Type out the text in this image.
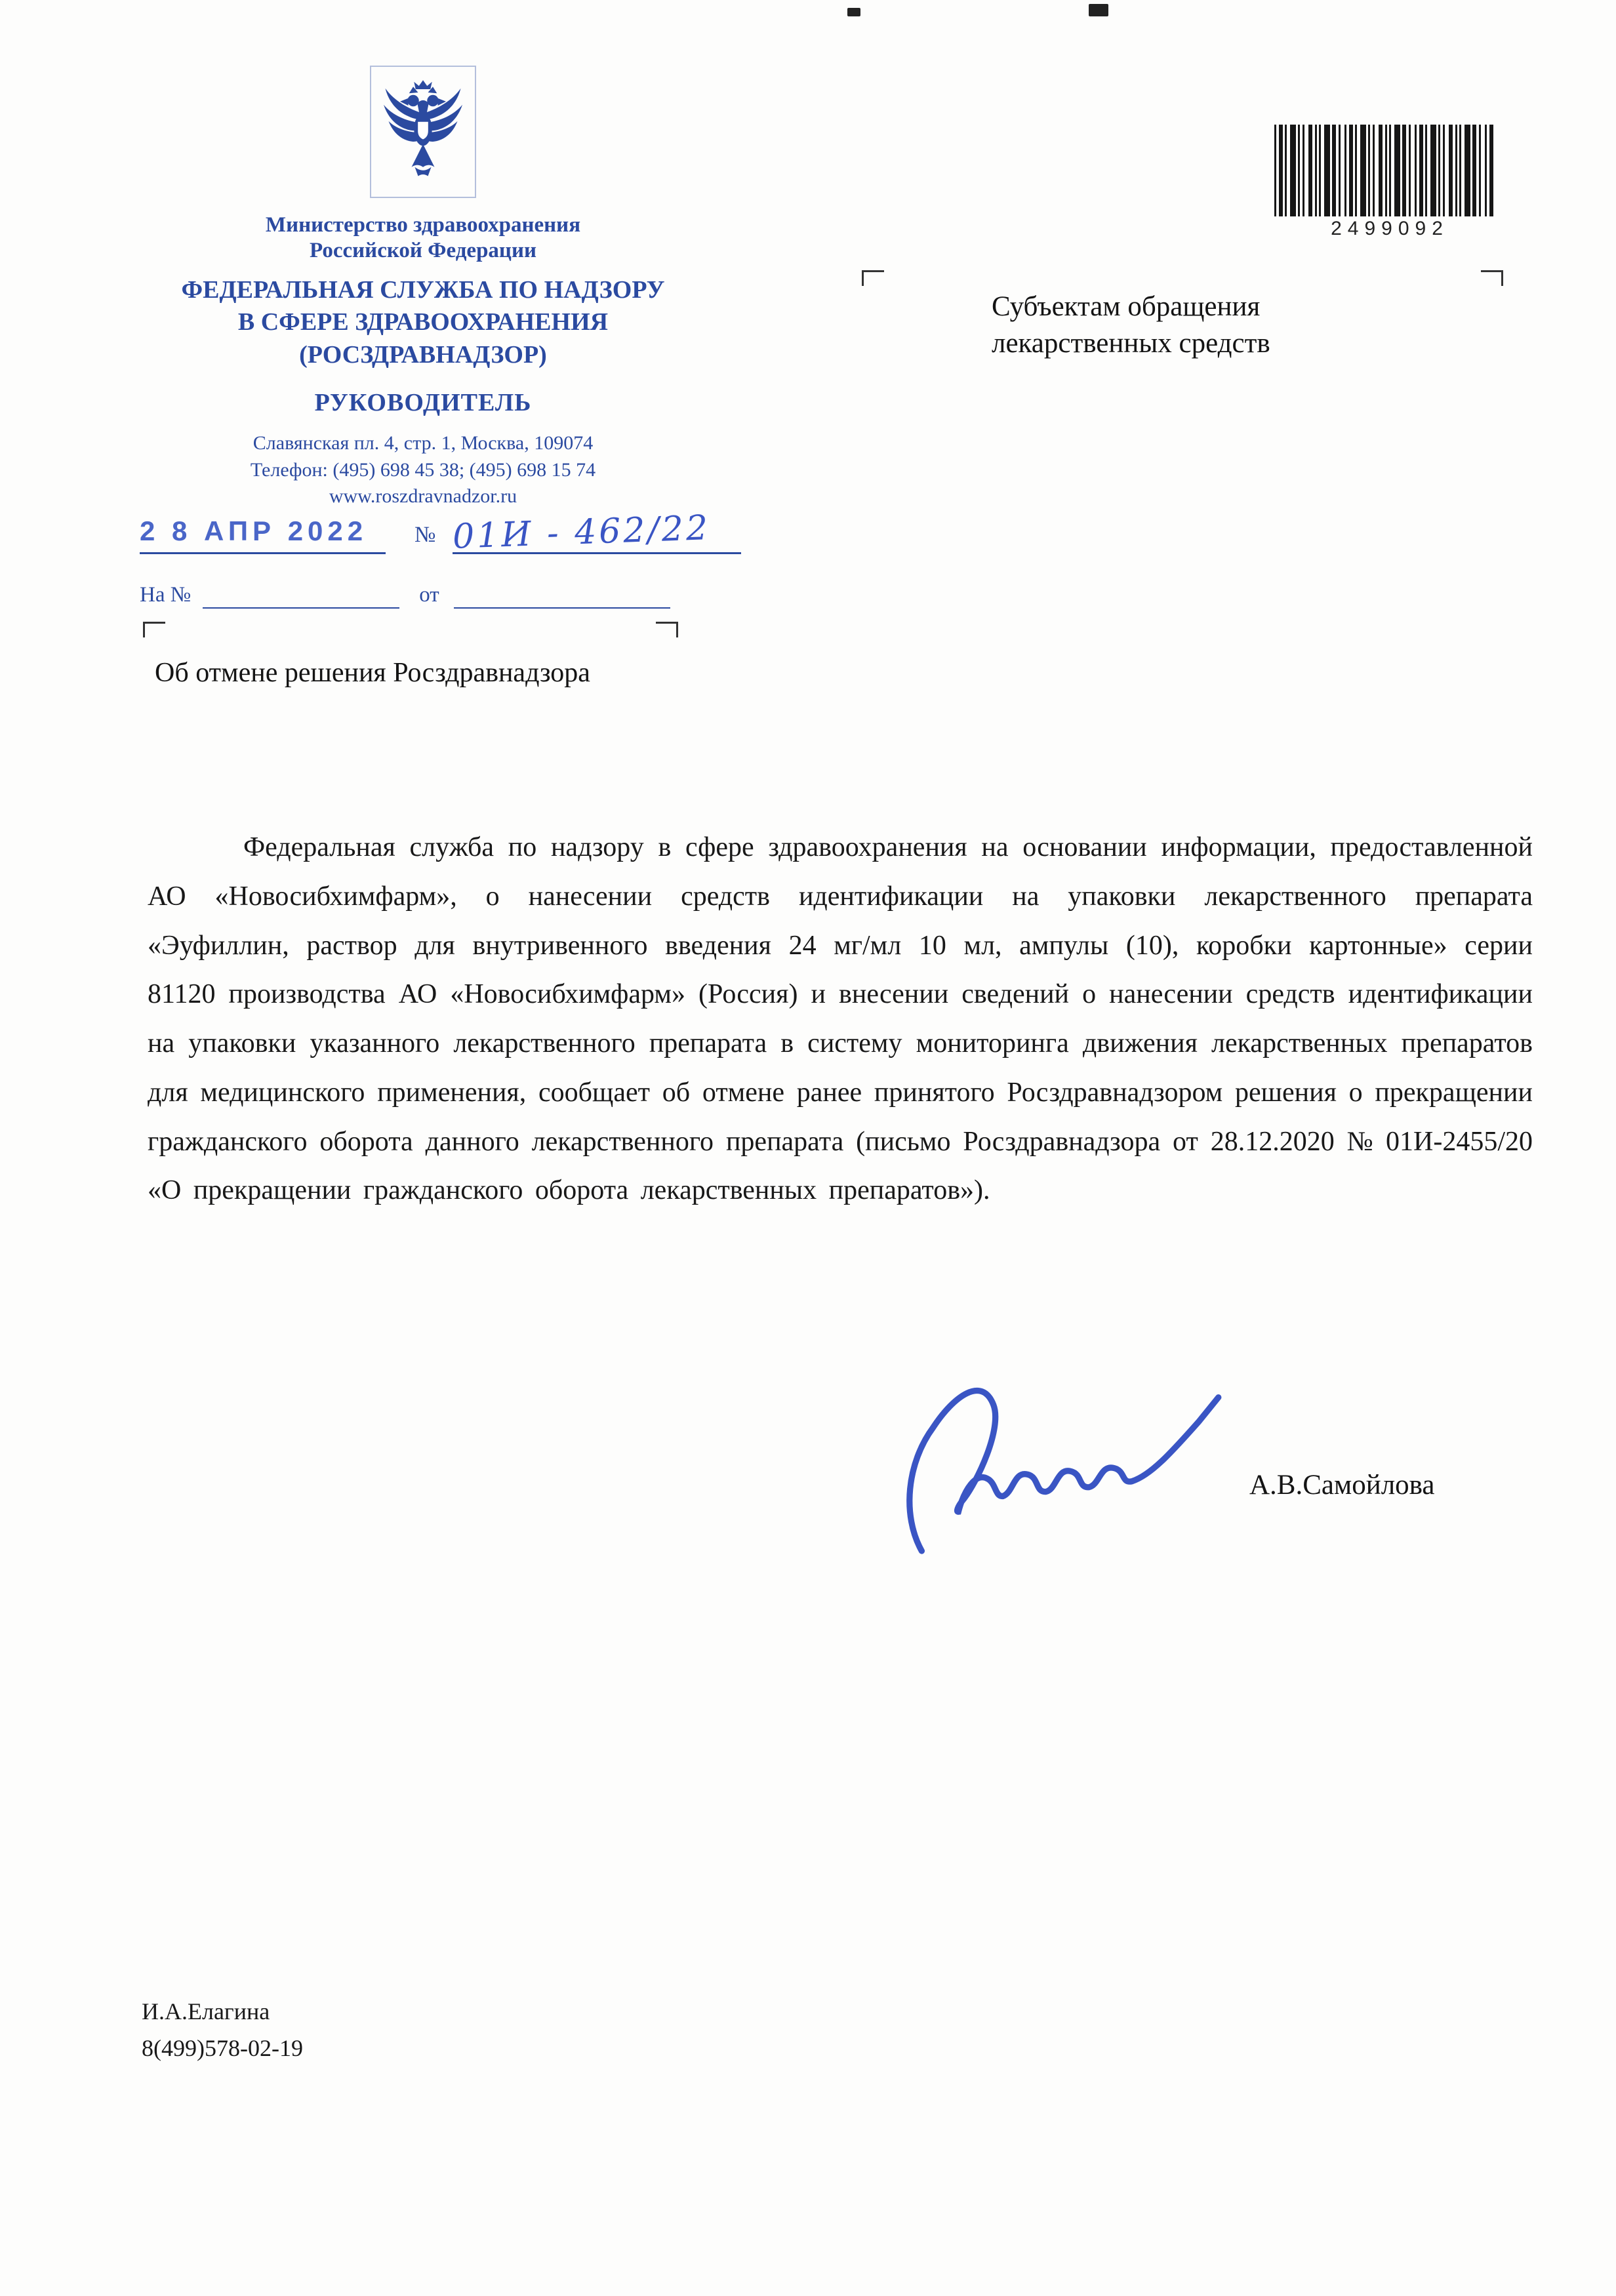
Министерство здравоохранения
Российской Федерации
ФЕДЕРАЛЬНАЯ СЛУЖБА ПО НАДЗОРУ
В СФЕРЕ ЗДРАВООХРАНЕНИЯ
(РОСЗДРАВНАДЗОР)
РУКОВОДИТЕЛЬ
Славянская пл. 4, стр. 1, Москва, 109074
Телефон: (495) 698 45 38; (495) 698 15 74
www.roszdravnadzor.ru
2 8 АПР 2022	№ 01И - 462/22
На №	от
2499092
Субъектам обращения
лекарственных средств
Об отмене решения Росздравнадзора
Федеральная служба по надзору в сфере здравоохранения на основании информации, предоставленной АО «Новосибхимфарм», о нанесении средств идентификации на упаковки лекарственного препарата «Эуфиллин, раствор для внутривенного введения 24 мг/мл 10 мл, ампулы (10), коробки картонные» серии 81120 производства АО «Новосибхимфарм» (Россия) и внесении сведений о нанесении средств идентификации на упаковки указанного лекарственного препарата в систему мониторинга движения лекарственных препаратов для медицинского применения, сообщает об отмене ранее принятого Росздравнадзором решения о прекращении гражданского оборота данного лекарственного препарата (письмо Росздравнадзора от 28.12.2020 № 01И-2455/20 «О прекращении гражданского оборота лекарственных препаратов»).
А.В.Самойлова
И.А.Елагина
8(499)578-02-19
